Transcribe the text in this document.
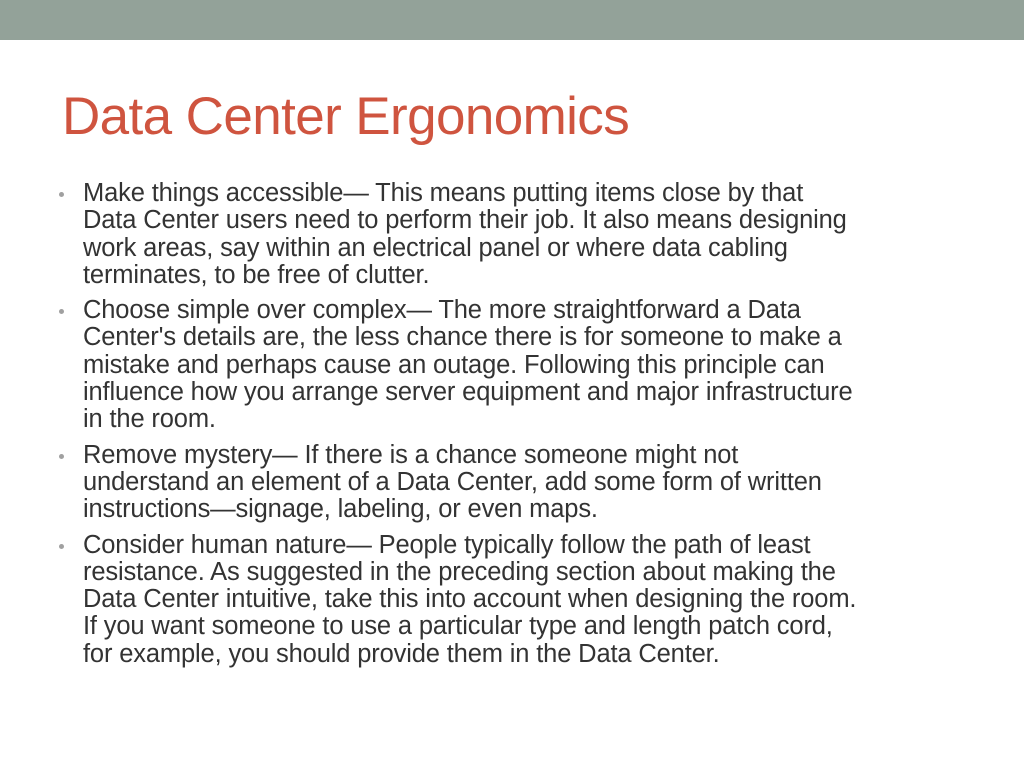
Data Center Ergonomics
Make things accessible— This means putting items close by that
Data Center users need to perform their job. It also means designing
work areas, say within an electrical panel or where data cabling
terminates, to be free of clutter.
Choose simple over complex— The more straightforward a Data
Center's details are, the less chance there is for someone to make a
mistake and perhaps cause an outage. Following this principle can
influence how you arrange server equipment and major infrastructure
in the room.
Remove mystery— If there is a chance someone might not
understand an element of a Data Center, add some form of written
instructions—signage, labeling, or even maps.
Consider human nature— People typically follow the path of least
resistance. As suggested in the preceding section about making the
Data Center intuitive, take this into account when designing the room.
If you want someone to use a particular type and length patch cord,
for example, you should provide them in the Data Center.
